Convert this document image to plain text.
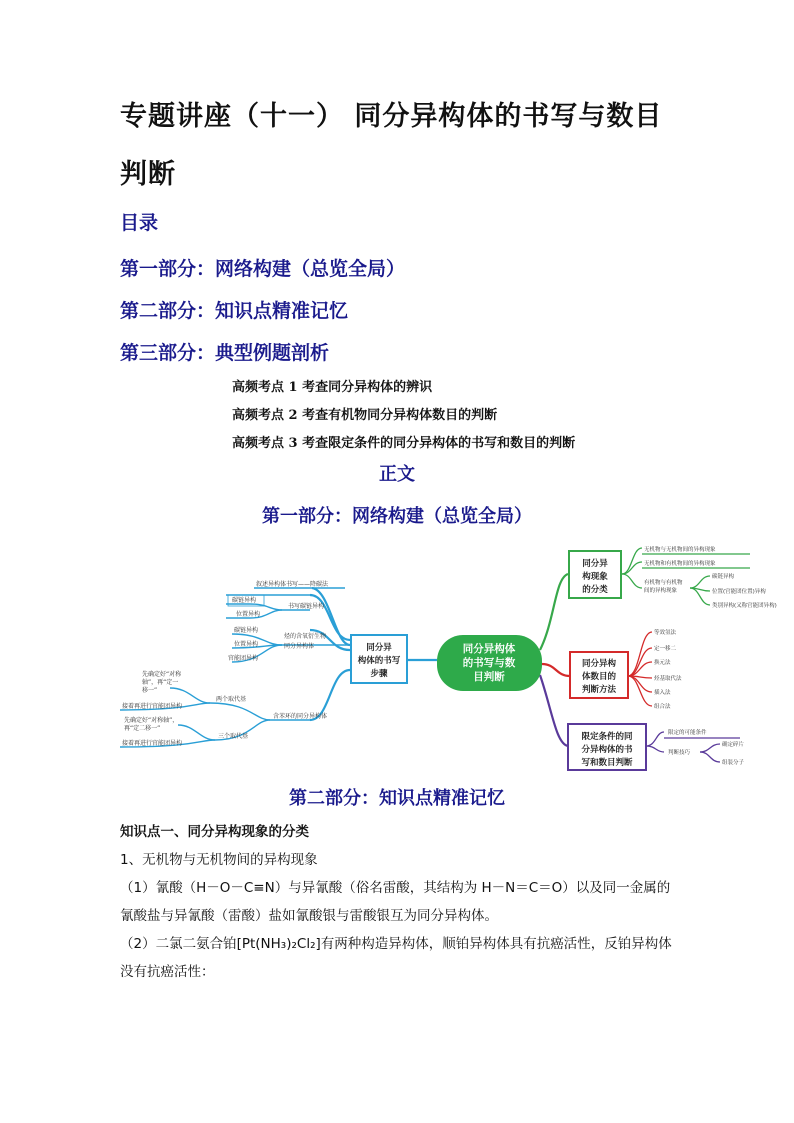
专题讲座（十一） 同分异构体的书写与数目判断
目录
第一部分：网络构建（总览全局）
第二部分：知识点精准记忆
第三部分：典型例题剖析

高频考点 1 考查同分异构体的辨识

高频考点 2 考查有机物同分异构体数目的判断

高频考点 3 考查限定条件的同分异构体的书写和数目的判断

正文
第一部分：网络构建（总览全局）
同分异构体
的书写与数
目判断
同分异
构体的书写
步骤
叙述异构体书写——降碳法
书写碳链异构
碳链异构
位置异构
烃的含氧衍生物
同分异构体
碳链异构
位置异构
官能团异构
含苯环的同分异构体
两个取代基
三个取代基
先确定好“对称
轴”，再“定一
移一”
接着再进行官能团异构
先确定好“对称轴”，
再“定二移一”
接着再进行官能团异构
同分异
构现象
的分类
无机物与无机物间的异构现象
无机物和有机物间的异构现象
有机物与有机物
间的异构现象
碳链异构
位置(官能团位置)异构
类别异构(又称官能团异构)
同分异构
体数目的
判断方法
等效氢法
定一移二
换元法
烃基取代法
插入法
组合法
限定条件的同
分异构体的书
写和数目判断
限定的可能条件
判断技巧
确定碎片
组装分子
第二部分：知识点精准记忆

知识点一、同分异构现象的分类

1、无机物与无机物间的异构现象

（1）氰酸（H－O－C≡N）与异氰酸（俗名雷酸，其结构为 H－N＝C＝O）以及同一金属的氰酸盐与异氰酸（雷酸）盐如氰酸银与雷酸银互为同分异构体。

（2）二氯二氨合铂[Pt(NH₃)₂Cl₂]有两种构造异构体，顺铂异构体具有抗癌活性，反铂异构体没有抗癌活性：
